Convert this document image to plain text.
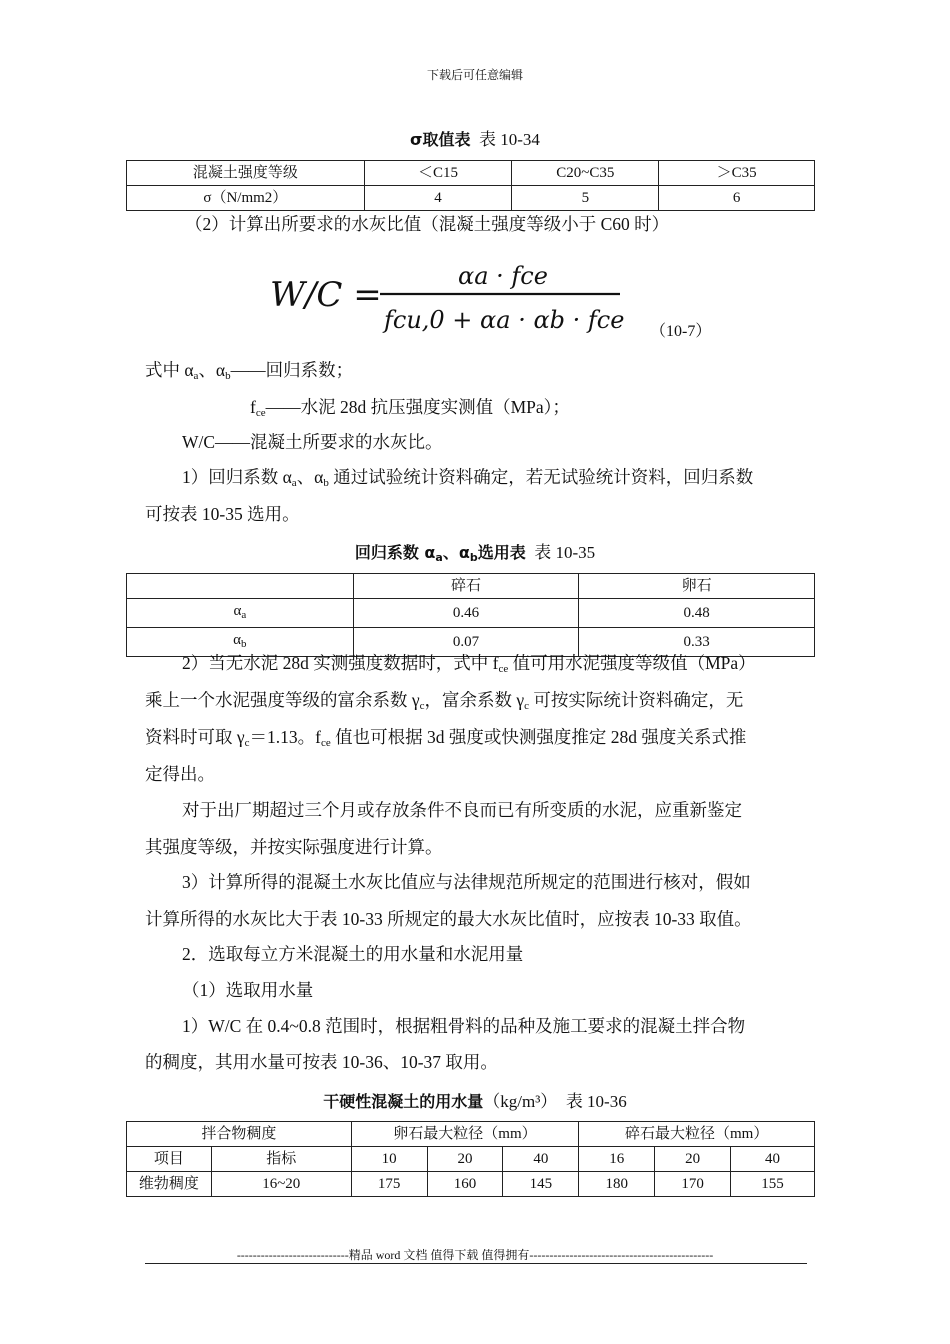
下载后可任意编辑
σ取值表 表 10-34
混凝土强度等级	＜C15	C20~C35	＞C35
σ（N/mm2）	4	5	6
（2）计算出所要求的水灰比值（混凝土强度等级小于 C60 时）
W/C =	αa · fce
fcu,0 + αa · αb · fce （10-7）
式中 $\alpha_a$、$\alpha_b——$回归系数；
$f_{ce}——$水泥 28d 抗压强度实测值（MPa）；
W/C——混凝土所要求的水灰比。
1）回归系数 $\alpha_a$、$\alpha_b$ 通过试验统计资料确定，若无试验统计资料，回归系数
可按表 10-35 选用。
回归系数 $\alpha_a$、$\alpha_b$选用表 表 10-35
	碎石	卵石
$\alpha_a$	0.46	0.48
$\alpha_b$	0.07	0.33
2）当无水泥 28d 实测强度数据时，式中 $f_{ce}$ 值可用水泥强度等级值（MPa）
乘上一个水泥强度等级的富余系数 $\gamma_c$，富余系数 $\gamma_c$ 可按实际统计资料确定，无
资料时可取 $\gamma_c=1.13$。$f_{ce}$ 值也可根据 3d 强度或快测强度推定 28d 强度关系式推
定得出。
对于出厂期超过三个月或存放条件不良而已有所变质的水泥，应重新鉴定
其强度等级，并按实际强度进行计算。
3）计算所得的混凝土水灰比值应与法律规范所规定的范围进行核对，假如
计算所得的水灰比大于表 10-33 所规定的最大水灰比值时，应按表 10-33 取值。
2．选取每立方米混凝土的用水量和水泥用量
（1）选取用水量
1）W/C 在 0.4~0.8 范围时，根据粗骨料的品种及施工要求的混凝土拌合物
的稠度，其用水量可按表 10-36、10-37 取用。
干硬性混凝土的用水量（kg/m³） 表 10-36
拌合物稠度		卵石最大粒径（mm）			碎石最大粒径（mm）		
项目	指标	10	20	40	16	20	40
维勃稠度	16~20	175	160	145	180	170	155
----------------------------精品 word 文档 值得下载 值得拥有----------------------------------------------
